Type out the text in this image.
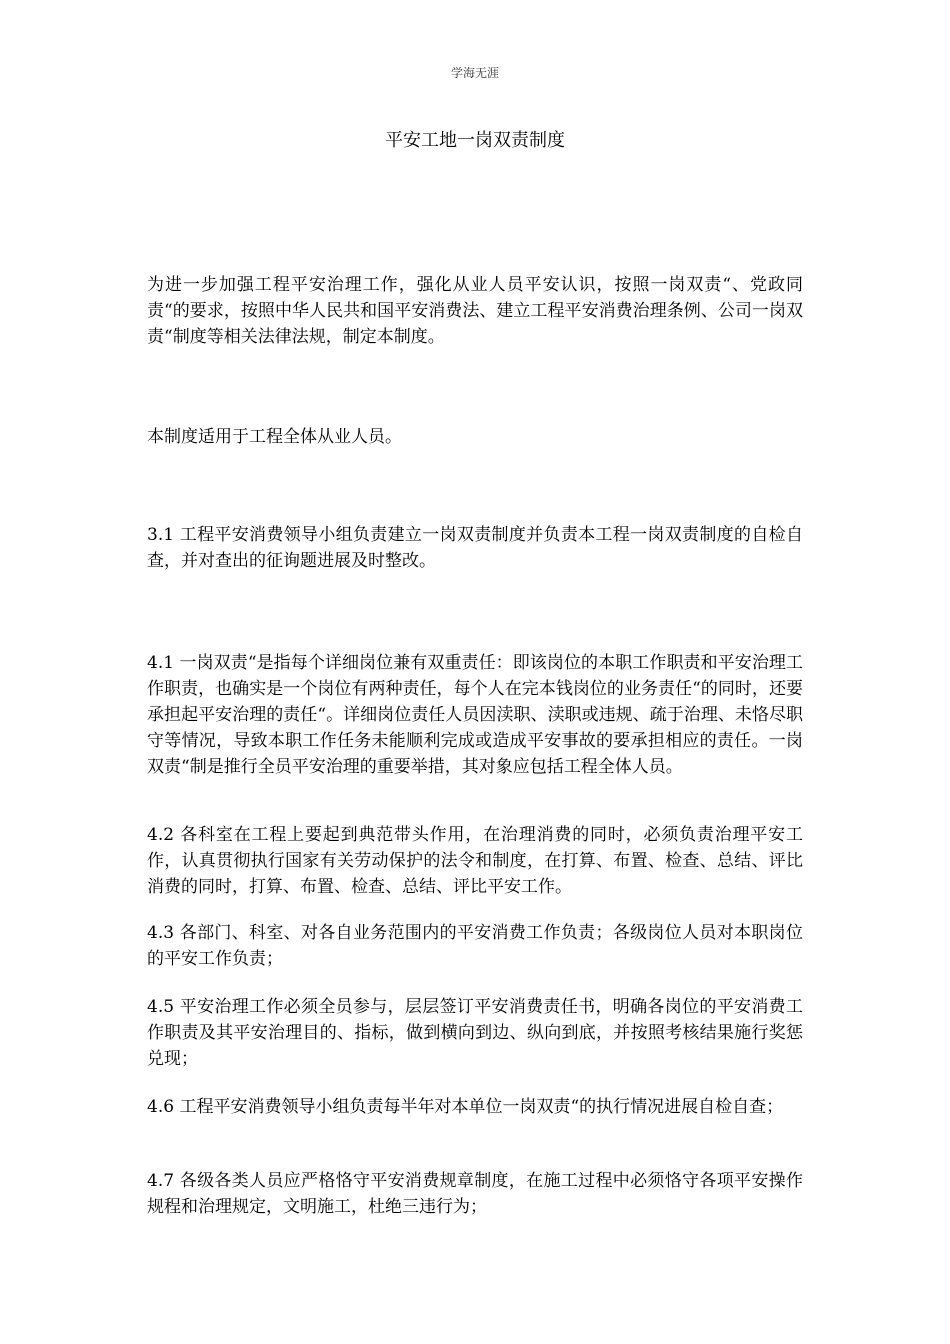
学海无涯
平安工地一岗双责制度

为进一步加强工程平安治理工作，强化从业人员平安认识，按照一岗双责“、党政同责“的要求，按照中华人民共和国平安消费法、建立工程平安消费治理条例、公司一岗双责“制度等相关法律法规，制定本制度。

本制度适用于工程全体从业人员。

3.1 工程平安消费领导小组负责建立一岗双责制度并负责本工程一岗双责制度的自检自查，并对查出的征询题进展及时整改。

4.1 一岗双责“是指每个详细岗位兼有双重责任：即该岗位的本职工作职责和平安治理工作职责，也确实是一个岗位有两种责任，每个人在完本钱岗位的业务责任“的同时，还要承担起平安治理的责任“。详细岗位责任人员因渎职、渎职或违规、疏于治理、未恪尽职守等情况，导致本职工作任务未能顺利完成或造成平安事故的要承担相应的责任。一岗双责“制是推行全员平安治理的重要举措，其对象应包括工程全体人员。

4.2 各科室在工程上要起到典范带头作用，在治理消费的同时，必须负责治理平安工作，认真贯彻执行国家有关劳动保护的法令和制度，在打算、布置、检查、总结、评比消费的同时，打算、布置、检查、总结、评比平安工作。

4.3 各部门、科室、对各自业务范围内的平安消费工作负责；各级岗位人员对本职岗位的平安工作负责；

4.5 平安治理工作必须全员参与，层层签订平安消费责任书，明确各岗位的平安消费工作职责及其平安治理目的、指标，做到横向到边、纵向到底，并按照考核结果施行奖惩兑现；

4.6 工程平安消费领导小组负责每半年对本单位一岗双责“的执行情况进展自检自查；

4.7 各级各类人员应严格恪守平安消费规章制度，在施工过程中必须恪守各项平安操作规程和治理规定，文明施工，杜绝三违行为；
